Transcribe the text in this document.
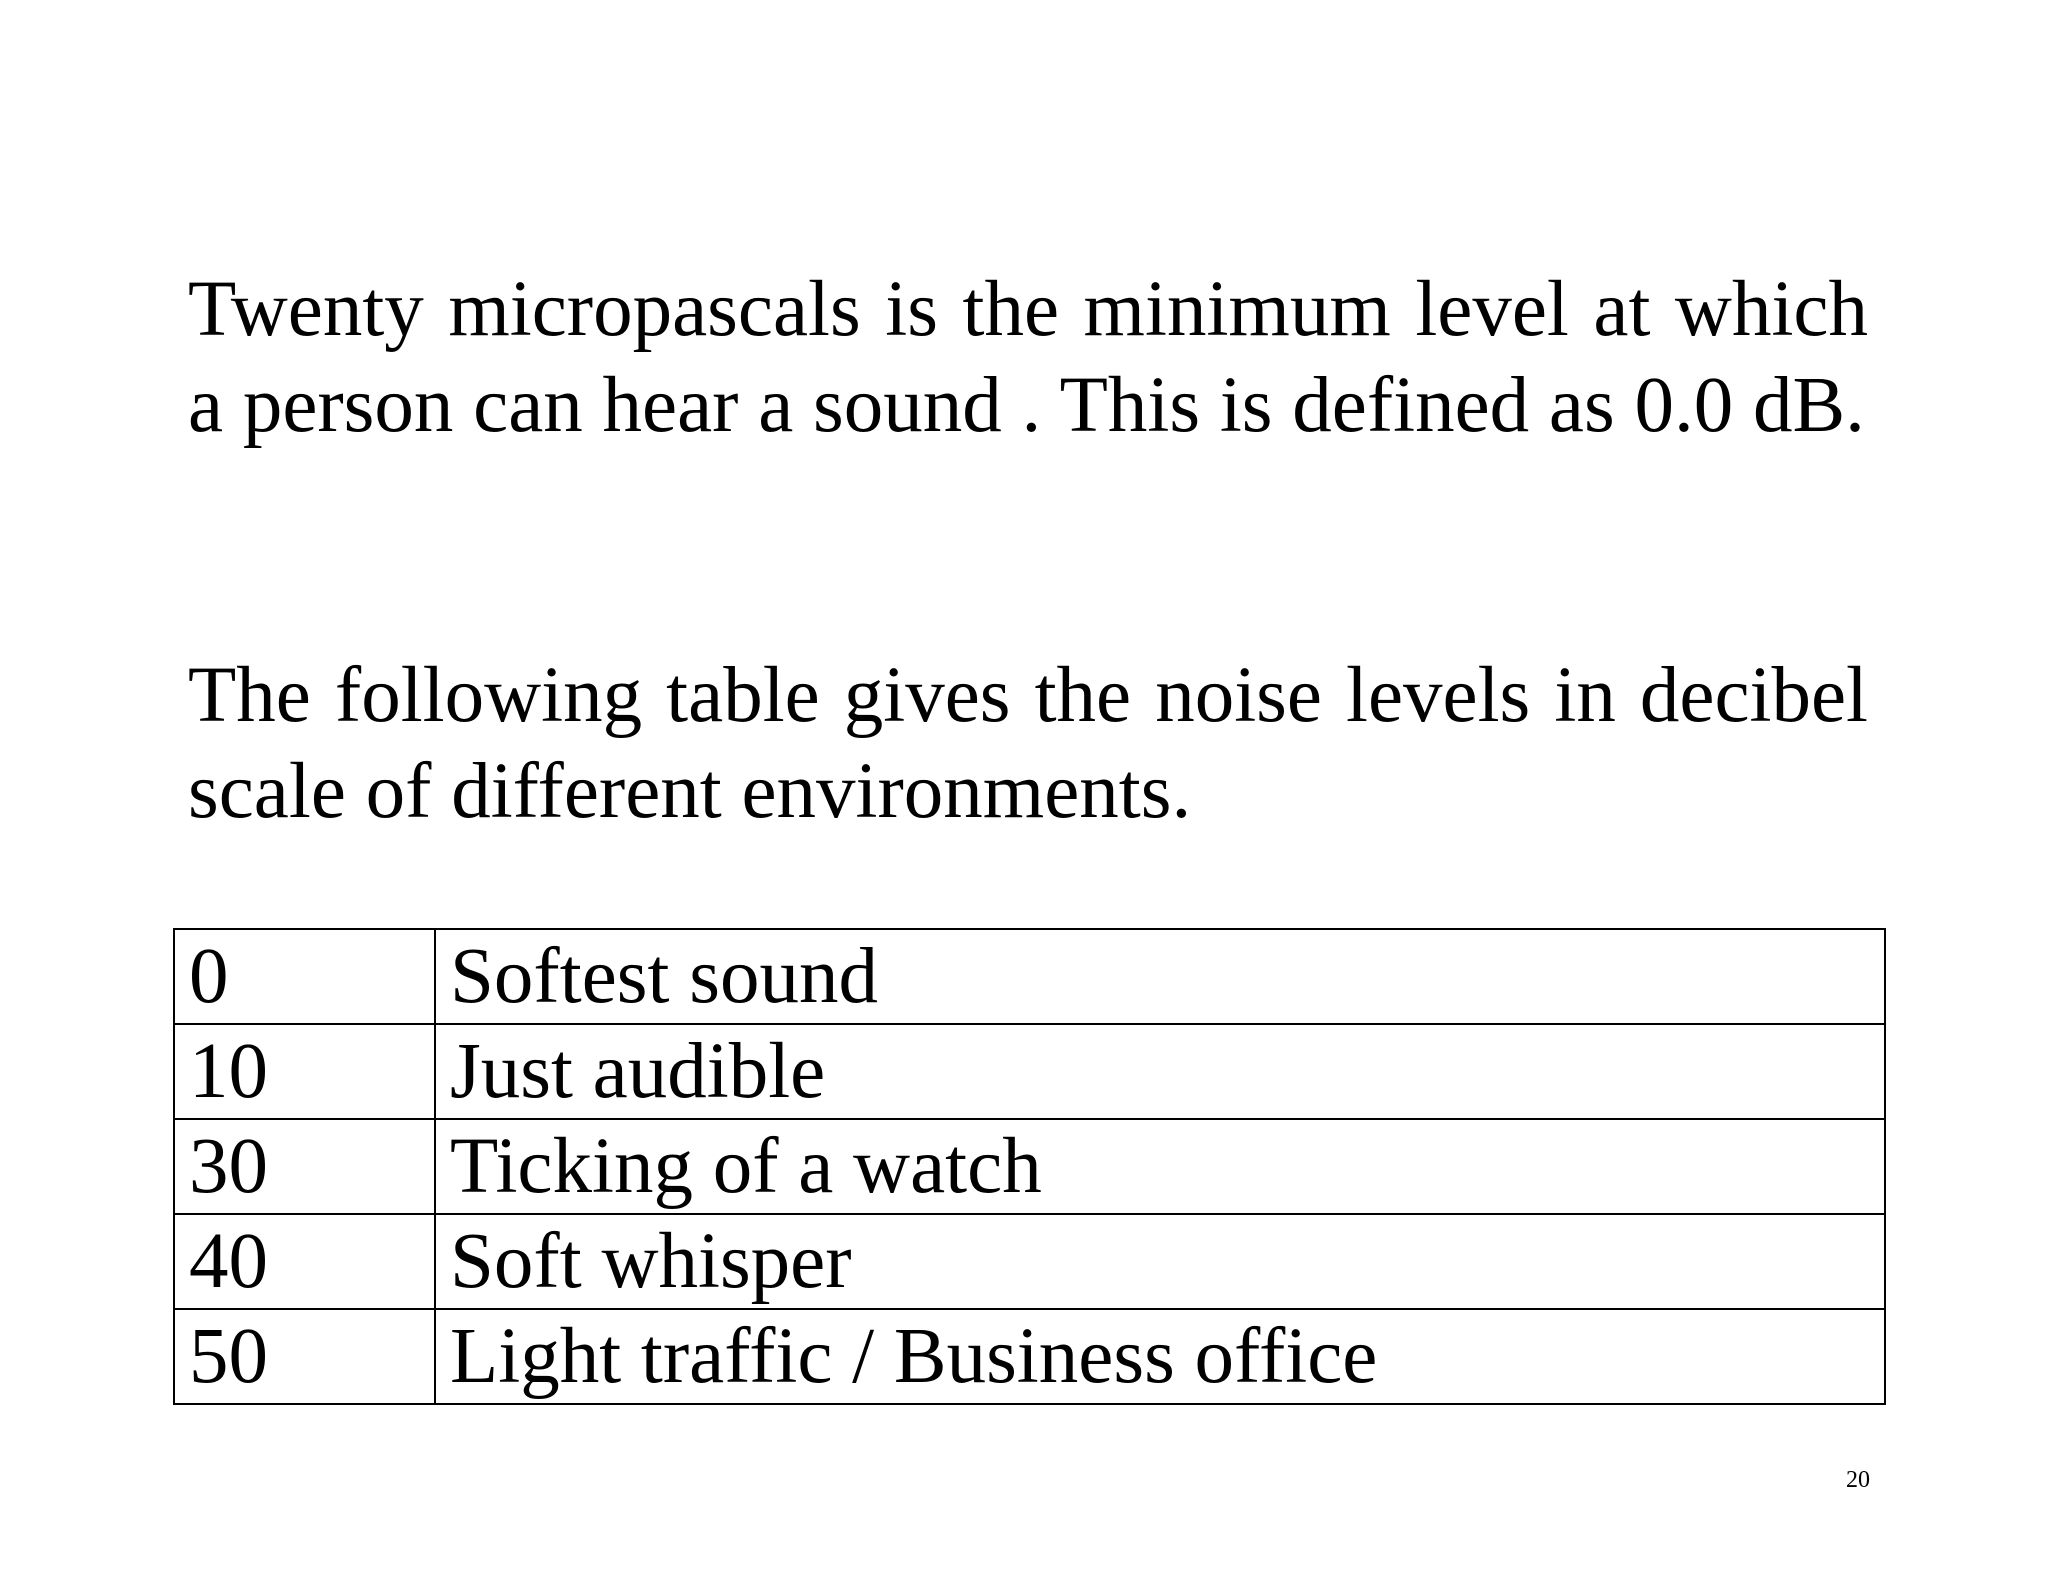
Twenty micropascals is the minimum level at which a person can hear a sound . This is defined as 0.0 dB.

The following table gives the noise levels in decibel scale of different environments.

0	Softest sound
10	Just audible
30	Ticking of a watch
40	Soft whisper
50	Light traffic / Business office
20
